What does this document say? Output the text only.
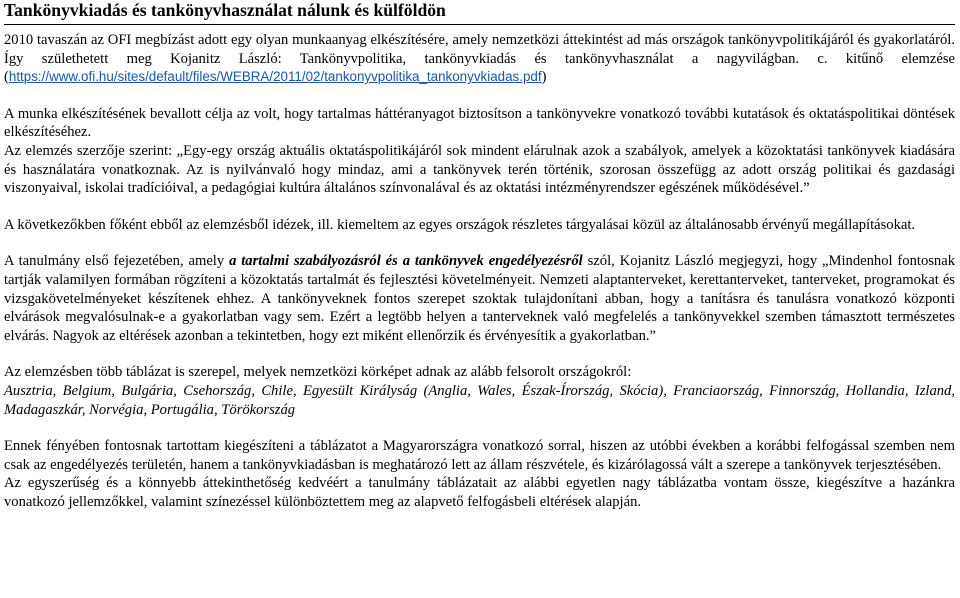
Tankönyvkiadás és tankönyvhasználat nálunk és külföldön

2010 tavaszán az OFI megbízást adott egy olyan munkaanyag elkészítésére, amely nemzetközi áttekintést ad más országok tankönyvpolitikájáról és gyakorlatáról. Így születhetett meg Kojanitz László: Tankönyvpolitika, tankönyvkiadás és tankönyvhasználat a nagyvilágban. c. kitűnő elemzése (https://www.ofi.hu/sites/default/files/WEBRA/2011/02/tankonyvpolitika_tankonyvkiadas.pdf)

A munka elkészítésének bevallott célja az volt, hogy tartalmas háttéranyagot biztosítson a tankönyvekre vonatkozó további kutatások és oktatáspolitikai döntések elkészítéséhez.

Az elemzés szerzője szerint: „Egy-egy ország aktuális oktatáspolitikájáról sok mindent elárulnak azok a szabályok, amelyek a közoktatási tankönyvek kiadására és használatára vonatkoznak. Az is nyilvánvaló hogy mindaz, ami a tankönyvek terén történik, szorosan összefügg az adott ország politikai és gazdasági viszonyaival, iskolai tradícióival, a pedagógiai kultúra általános színvonalával és az oktatási intézményrendszer egészének működésével.”

A következőkben főként ebből az elemzésből idézek, ill. kiemeltem az egyes országok részletes tárgyalásai közül az általánosabb érvényű megállapításokat.

A tanulmány első fejezetében, amely a tartalmi szabályozásról és a tankönyvek engedélyezésről szól, Kojanitz László megjegyzi, hogy „Mindenhol fontosnak tartják valamilyen formában rögzíteni a közoktatás tartalmát és fejlesztési követelményeit. Nemzeti alaptanterveket, kerettanterveket, tanterveket, programokat és vizsgakövetelményeket készítenek ehhez. A tankönyveknek fontos szerepet szoktak tulajdonítani abban, hogy a tanításra és tanulásra vonatkozó központi elvárások megvalósulnak-e a gyakorlatban vagy sem. Ezért a legtöbb helyen a tanterveknek való megfelelés a tankönyvekkel szemben támasztott természetes elvárás. Nagyok az eltérések azonban a tekintetben, hogy ezt miként ellenőrzik és érvényesítik a gyakorlatban.”

Az elemzésben több táblázat is szerepel, melyek nemzetközi körképet adnak az alább felsorolt országokról:

Ausztria, Belgium, Bulgária, Csehország, Chile, Egyesült Királyság (Anglia, Wales, Észak-Írország, Skócia), Franciaország, Finnország, Hollandia, Izland, Madagaszkár, Norvégia, Portugália, Törökország

Ennek fényében fontosnak tartottam kiegészíteni a táblázatot a Magyarországra vonatkozó sorral, hiszen az utóbbi években a korábbi felfogással szemben nem csak az engedélyezés területén, hanem a tankönyvkiadásban is meghatározó lett az állam részvétele, és kizárólagossá vált a szerepe a tankönyvek terjesztésében.

Az egyszerűség és a könnyebb áttekinthetőség kedvéért a tanulmány táblázatait az alábbi egyetlen nagy táblázatba vontam össze, kiegészítve a hazánkra vonatkozó jellemzőkkel, valamint színezéssel különböztettem meg az alapvető felfogásbeli eltérések alapján.
